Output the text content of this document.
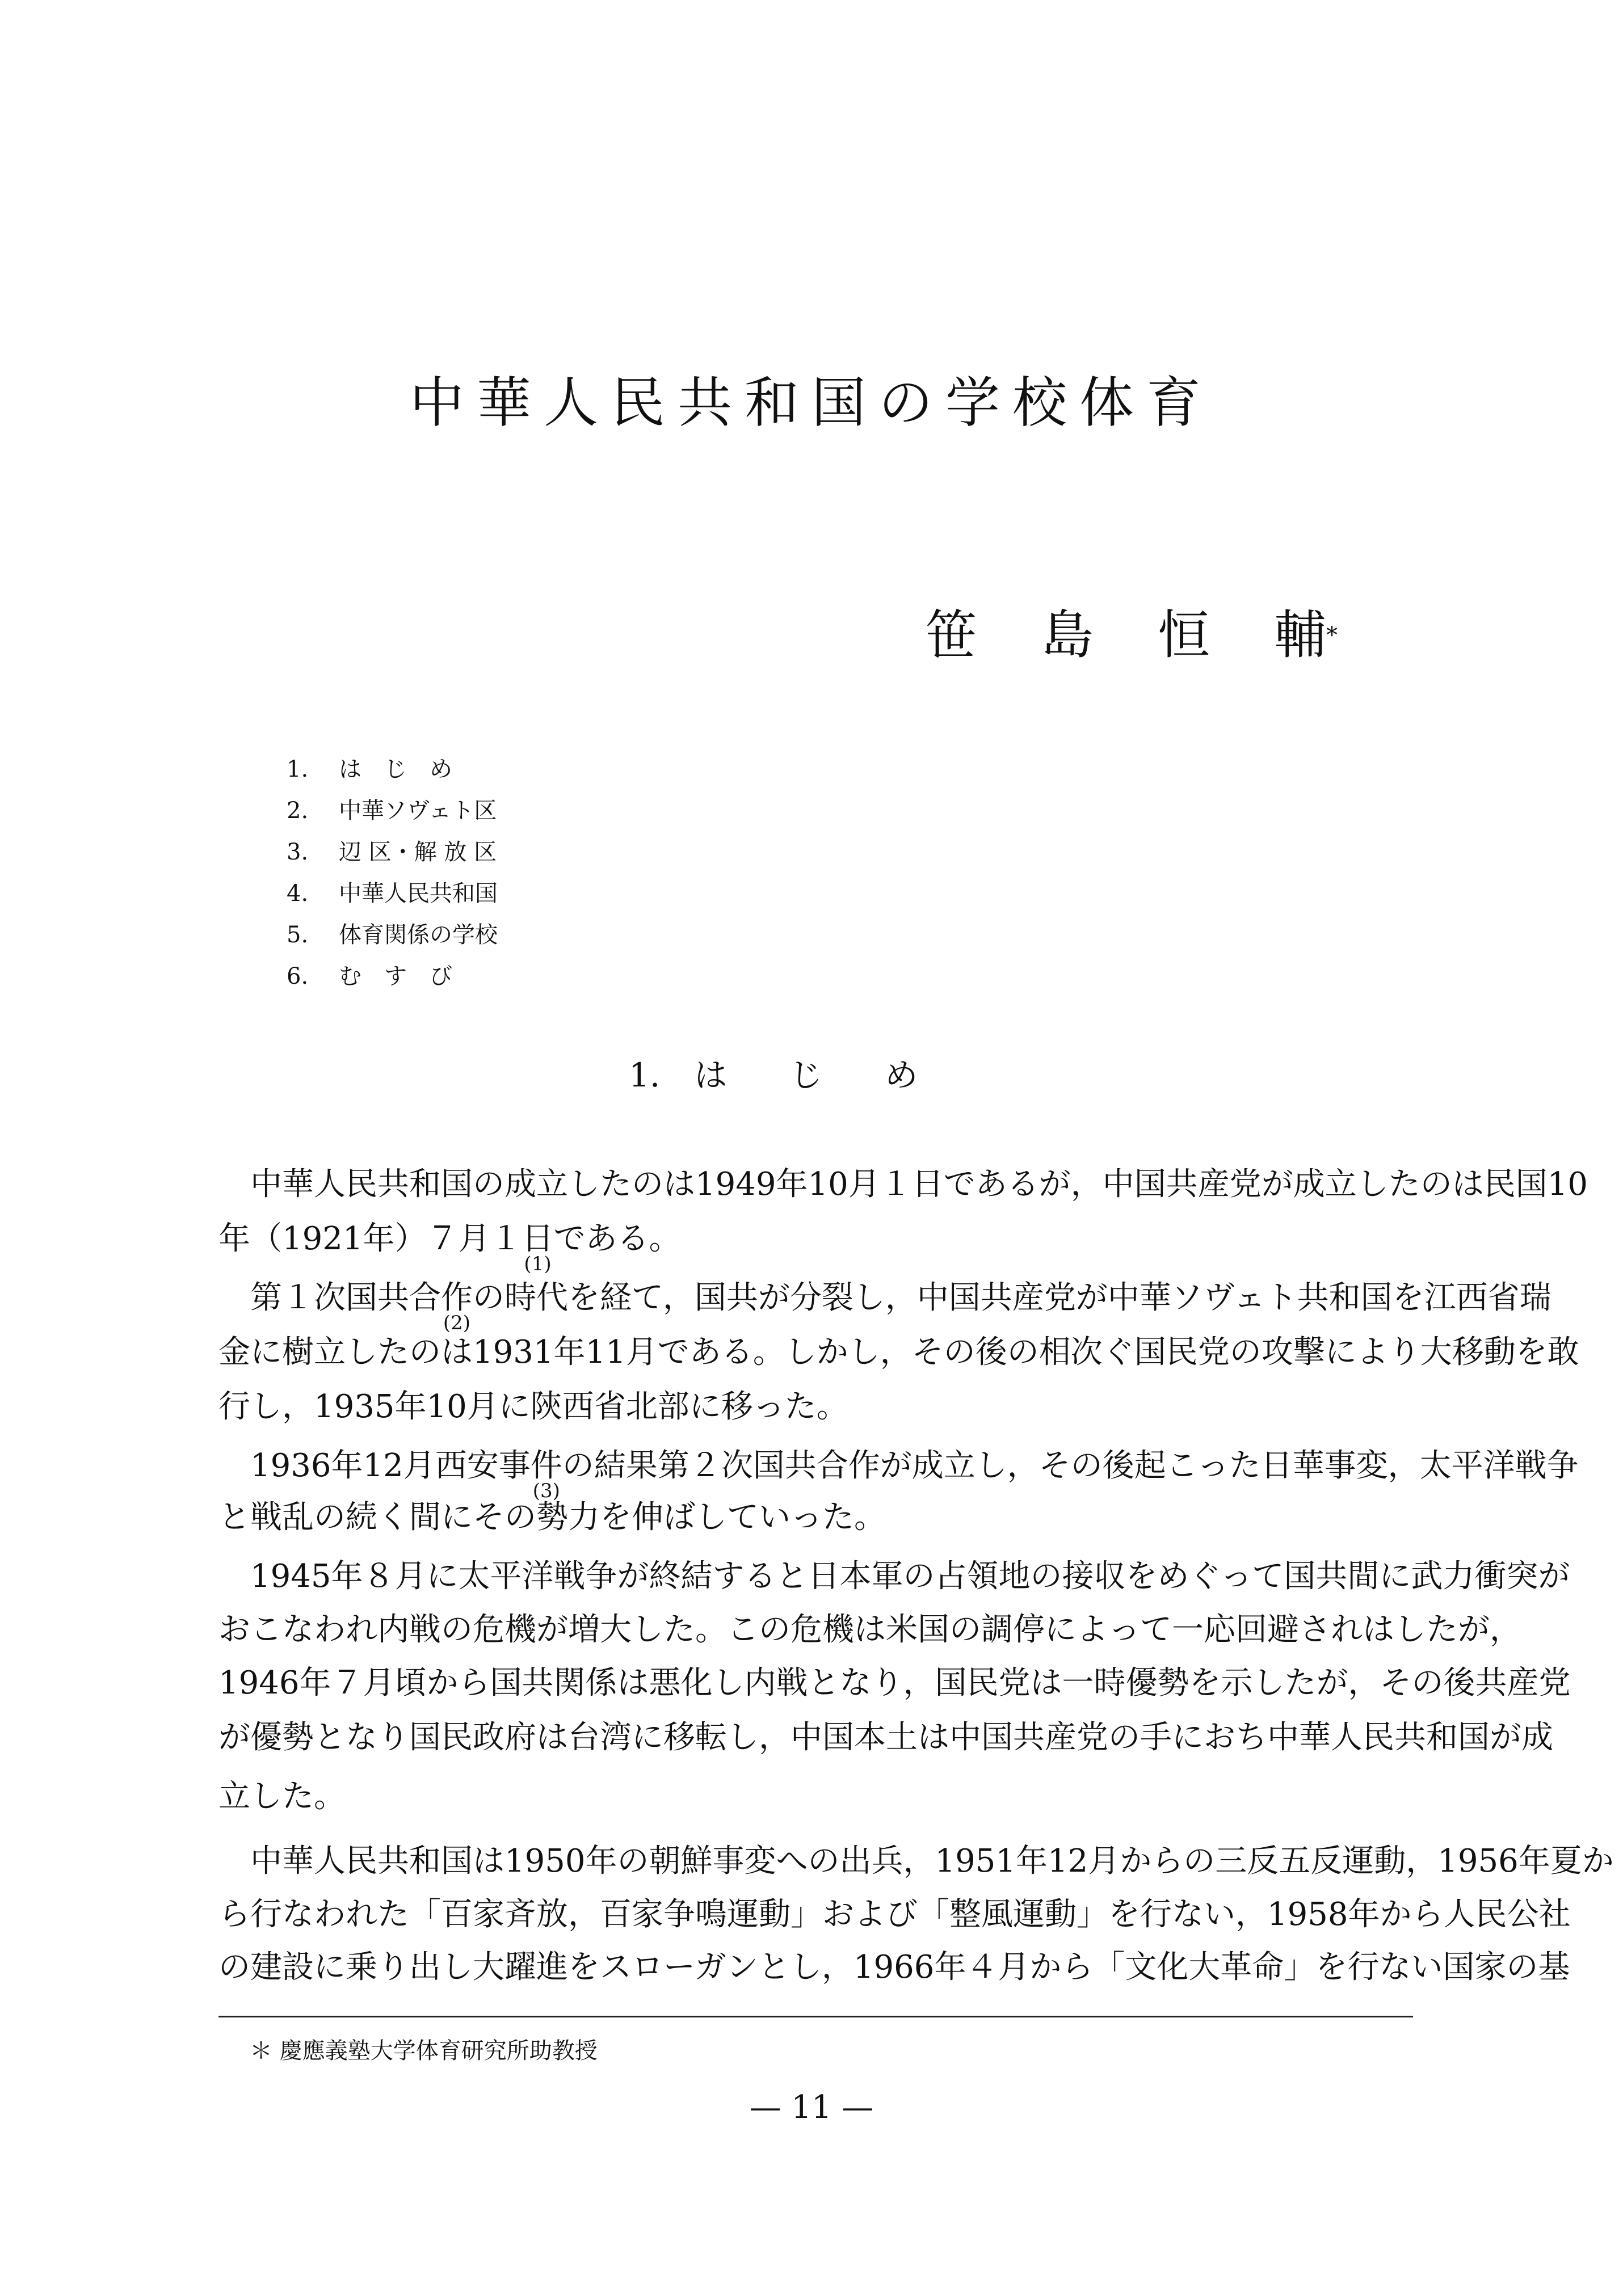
中華人民共和国の学校体育
笹 島 恒 輔*
1.	は　じ　め
2.	中華ソヴェト区
3.	辺 区・解 放 区
4.	中華人民共和国
5.	体育関係の学校
6.	む　す　び
1. はじめ
中華人民共和国の成立したのは1949年10月１日であるが，中国共産党が成立したのは民国10
年（1921年）７月１日
(1)
である。
第１次国共合作
(2)
の時代を経て，国共が分裂し，中国共産党が中華ソヴェト共和国を江西省瑞
金に樹立したのは1931年11月である。しかし，その後の相次ぐ国民党の攻撃により大移動を敢
行し，1935年10月に陝西省北部に移った。
1936年12月西安事件
(3)
の結果第２次国共合作が成立し，その後起こった日華事変，太平洋戦争
と戦乱の続く間にその勢力を伸ばしていった。
1945年８月に太平洋戦争が終結すると日本軍の占領地の接収をめぐって国共間に武力衝突が
おこなわれ内戦の危機が増大した。この危機は米国の調停によって一応回避されはしたが，
1946年７月頃から国共関係は悪化し内戦となり，国民党は一時優勢を示したが，その後共産党
が優勢となり国民政府は台湾に移転し，中国本土は中国共産党の手におち中華人民共和国が成
立した。
中華人民共和国は1950年の朝鮮事変への出兵，1951年12月からの三反五反運動，1956年夏か
ら行なわれた「百家斉放，百家争鳴運動」および「整風運動」を行ない，1958年から人民公社
の建設に乗り出し大躍進をスローガンとし，1966年４月から「文化大革命」を行ない国家の基
＊ 慶應義塾大学体育研究所助教授
— 11 —
